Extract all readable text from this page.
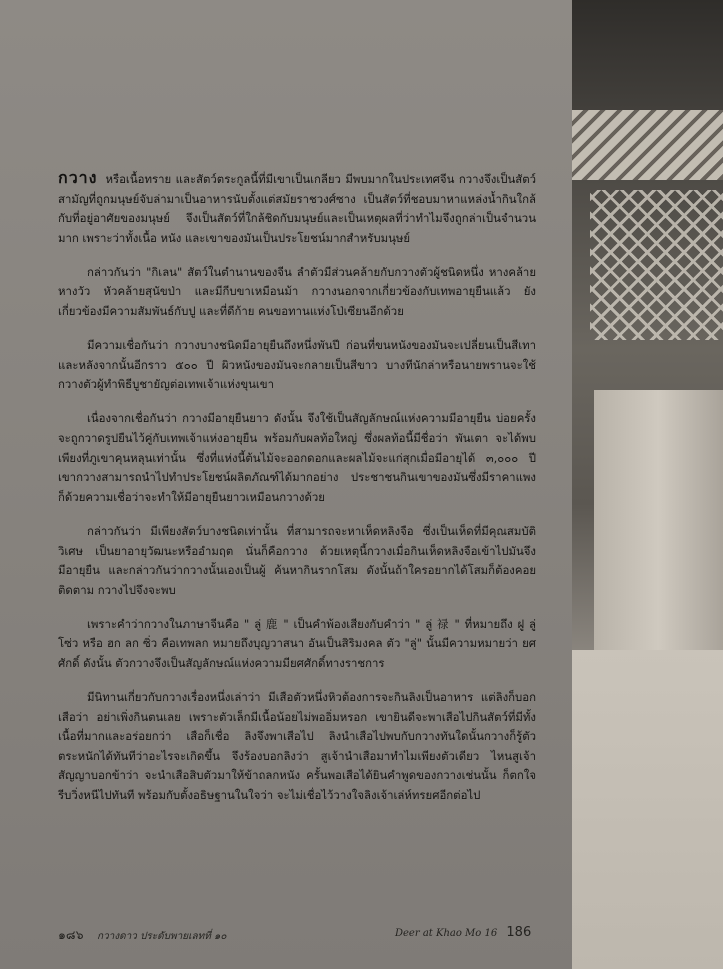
กวาง หรือเนื้อทราย และสัตว์ตระกูลนี้ที่มีเขาเป็นเกลียว มีพบมากในประเทศจีน กวางจึงเป็นสัตว์สามัญที่ถูกมนุษย์จับล่ามาเป็นอาหารนับตั้งแต่สมัยราชวงศ์ซาง เป็นสัตว์ที่ชอบมาหาแหล่งน้ำกินใกล้กับที่อยู่อาศัยของมนุษย์ จึงเป็นสัตว์ที่ใกล้ชิดกับมนุษย์และเป็นเหตุผลที่ว่าทำไมจึงถูกล่าเป็นจำนวนมาก เพราะว่าทั้งเนื้อ หนัง และเขาของมันเป็นประโยชน์มากสำหรับมนุษย์

กล่าวกันว่า "กิเลน" สัตว์ในตำนานของจีน ลำตัวมีส่วนคล้ายกับกวางตัวผู้ชนิดหนึ่ง หางคล้ายหางวัว หัวคล้ายสุนัขป่า และมีกีบขาเหมือนม้า กวางนอกจากเกี่ยวข้องกับเทพอายุยืนแล้ว ยังเกี่ยวข้องมีความสัมพันธ์กับปู และที่ดีก้าย คนขอทานแห่งโป่เซียนอีกด้วย

มีความเชื่อกันว่า กวางบางชนิดมีอายุยืนถึงหนึ่งพันปี ก่อนที่ขนหนังของมันจะเปลี่ยนเป็นสีเทาและหลังจากนั้นอีกราว ๕๐๐ ปี ผิวหนังของมันจะกลายเป็นสีขาว บางทีนักล่าหรือนายพรานจะใช้กวางตัวผู้ทำพิธีบูชายัญต่อเทพเจ้าแห่งขุนเขา

เนื่องจากเชื่อกันว่า กวางมีอายุยืนยาว ดังนั้น จึงใช้เป็นสัญลักษณ์แห่งความมีอายุยืน บ่อยครั้งจะถูกวาดรูปยืนไว้คู่กับเทพเจ้าแห่งอายุยืน พร้อมกับผลท้อใหญ่ ซึ่งผลท้อนี้มีชื่อว่า พันเตา จะได้พบเพียงที่ภูเขาคุนหลุนเท่านั้น ซึ่งที่แห่งนี้ต้นไม้จะออกดอกและผลไม้จะแก่สุกเมื่อมีอายุได้ ๓,๐๐๐ ปี เขากวางสามารถนำไปทำประโยชน์ผลิตภัณฑ์ได้มากอย่าง ประชาชนกินเขาของมันซึ่งมีราคาแพง ก็ด้วยความเชื่อว่าจะทำให้มีอายุยืนยาวเหมือนกวางด้วย

กล่าวกันว่า มีเพียงสัตว์บางชนิดเท่านั้น ที่สามารถจะหาเห็ดหลิงจือ ซึ่งเป็นเห็ดที่มีคุณสมบัติวิเศษ เป็นยาอายุวัฒนะหรืออำมฤต นั่นก็คือกวาง ด้วยเหตุนี้กวางเมื่อกินเห็ดหลิงจือเข้าไปมันจึงมีอายุยืน และกล่าวกันว่ากวางนั้นเองเป็นผู้ ค้นหากินรากโสม ดังนั้นถ้าใครอยากได้โสมก็ต้องคอยติดตาม กวางไปจึงจะพบ

เพราะคำว่ากวางในภาษาจีนคือ " ลู่ 鹿 " เป็นคำพ้องเสียงกับคำว่า " ลู่ 禄 " ที่หมายถึง ฝู ลู่ โซ่ว หรือ ฮก ลก ซิ่ว คือเทพลก หมายถึงบุญวาสนา อันเป็นสิริมงคล ตัว "ลู่" นั้นมีความหมายว่า ยศศักดิ์ ดังนั้น ตัวกวางจึงเป็นสัญลักษณ์แห่งความมียศศักดิ์ทางราชการ

มีนิทานเกี่ยวกับกวางเรื่องหนึ่งเล่าว่า มีเสือตัวหนึ่งหิวต้องการจะกินลิงเป็นอาหาร แต่ลิงก็บอกเสือว่า อย่าเพิ่งกินตนเลย เพราะตัวเล็กมีเนื้อน้อยไม่พออิ่มหรอก เขายินดีจะพาเสือไปกินสัตว์ที่มีทั้งเนื้อที่มากและอร่อยกว่า เสือก็เชื่อ ลิงจึงพาเสือไป ลิงนำเสือไปพบกับกวางทันใดนั้นกวางก็รู้ตัวตระหนักได้ทันทีว่าอะไรจะเกิดขึ้น จึงร้องบอกลิงว่า สูเจ้านำเสือมาทำไมเพียงตัวเดียว ไหนสูเจ้าสัญญาบอกข้าว่า จะนำเสือสิบตัวมาให้ข้าถลกหนัง ครั้นพอเสือได้ยินคำพูดของกวางเช่นนั้น ก็ตกใจ รีบวิ่งหนีไปทันที พร้อมกับตั้งอธิษฐานในใจว่า จะไม่เชื่อไว้วางใจลิงเจ้าเล่ห์ทรยศอีกต่อไป

๑๘๖ กวางดาว ประดับพายเลทที่ ๑๐	Deer at Khao Mo 16 186
